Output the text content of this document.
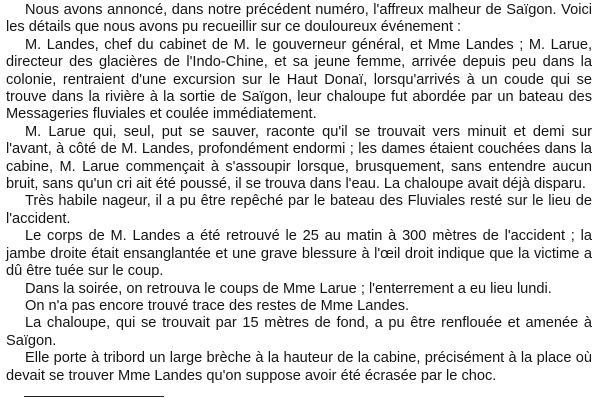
Nous avons annoncé, dans notre précédent numéro, l'affreux malheur de Saïgon. Voici les détails que nous avons pu recueillir sur ce douloureux événement :

M. Landes, chef du cabinet de M. le gouverneur général, et Mme Landes ; M. Larue, directeur des glacières de l'Indo-Chine, et sa jeune femme, arrivée depuis peu dans la colonie, rentraient d'une excursion sur le Haut Donaï, lorsqu'arrivés à un coude qui se trouve dans la rivière à la sortie de Saïgon, leur chaloupe fut abordée par un bateau des Messageries fluviales et coulée immédiatement.

M. Larue qui, seul, put se sauver, raconte qu'il se trouvait vers minuit et demi sur l'avant, à côté de M. Landes, profondément endormi ; les dames étaient couchées dans la cabine, M. Larue commençait à s'assoupir lorsque, brusquement, sans entendre aucun bruit, sans qu'un cri ait été poussé, il se trouva dans l'eau. La chaloupe avait déjà disparu.

Très habile nageur, il a pu être repêché par le bateau des Fluviales resté sur le lieu de l'accident.

Le corps de M. Landes a été retrouvé le 25 au matin à 300 mètres de l'accident ; la jambe droite était ensanglantée et une grave blessure à l'œil droit indique que la victime a dû être tuée sur le coup.

Dans la soirée, on retrouva le coups de Mme Larue ; l'enterrement a eu lieu lundi.

On n'a pas encore trouvé trace des restes de Mme Landes.

La chaloupe, qui se trouvait par 15 mètres de fond, a pu être renflouée et amenée à Saïgon.

Elle porte à tribord un large brèche à la hauteur de la cabine, précisément à la place où devait se trouver Mme Landes qu'on suppose avoir été écrasée par le choc.
